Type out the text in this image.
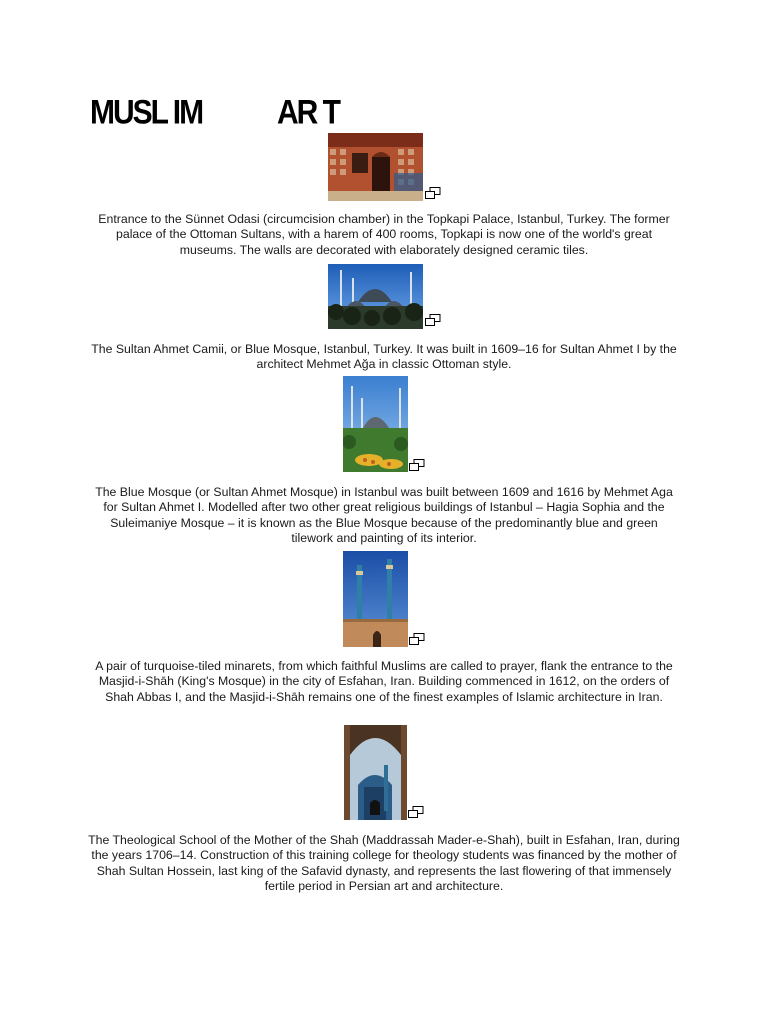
MUSL IM            AR T
Entrance to the Sünnet Odasi (circumcision chamber) in the Topkapi Palace, Istanbul, Turkey. The former palace of the Ottoman Sultans, with a harem of 400 rooms, Topkapi is now one of the world's great museums. The walls are decorated with elaborately designed ceramic tiles.
The Sultan Ahmet Camii, or Blue Mosque, Istanbul, Turkey. It was built in 1609–16 for Sultan Ahmet I by the architect Mehmet Ağa in classic Ottoman style.
The Blue Mosque (or Sultan Ahmet Mosque) in Istanbul was built between 1609 and 1616 by Mehmet Aga for Sultan Ahmet I. Modelled after two other great religious buildings of Istanbul – Hagia Sophia and the Suleimaniye Mosque – it is known as the Blue Mosque because of the predominantly blue and green tilework and painting of its interior.
A pair of turquoise-tiled minarets, from which faithful Muslims are called to prayer, flank the entrance to the Masjid-i-Shāh (King's Mosque) in the city of Esfahan, Iran. Building commenced in 1612, on the orders of Shah Abbas I, and the Masjid-i-Shāh remains one of the finest examples of Islamic architecture in Iran.
The Theological School of the Mother of the Shah (Maddrassah Mader-e-Shah), built in Esfahan, Iran, during the years 1706–14. Construction of this training college for theology students was financed by the mother of Shah Sultan Hossein, last king of the Safavid dynasty, and represents the last flowering of that immensely fertile period in Persian art and architecture.
